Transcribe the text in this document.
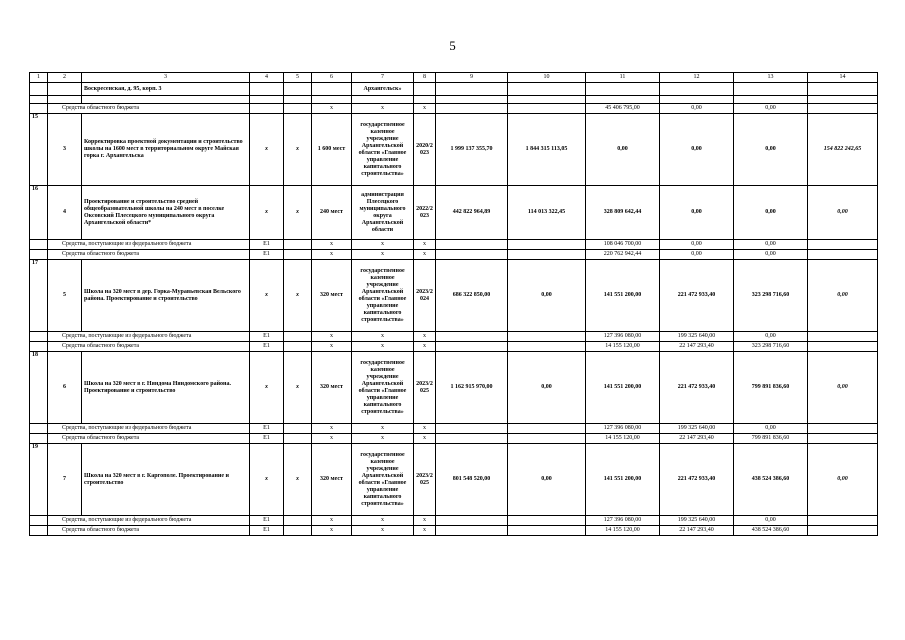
5
1	2	3	4	5	6	7	8	9	10	11	12	13	14
		Воскресенская, д. 95, корп. 3				Архангельск»							

	Средства областного бюджета				x	x	x			45 406 795,00	0,00	0,00	
15	3	Корректировка проектной документации и строительство школы на 1600 мест в территориальном округе Майская горка г. Архангельска	x	x	1 600 мест	государственное казенное учреждение Архангельской области «Главное управление капитального строительства»	2020/2 023	1 999 137 355,70	1 844 315 113,05	0,00	0,00	0,00	154 822 242,65
16	4	Проектирование и строительство средней общеобразовательной школы на 240 мест в поселке Оксовский Плесецкого муниципального округа Архангельской области*	x	x	240 мест	администрация Плесецкого муниципального округа Архангельской области	2022/2 023	442 822 964,89	114 013 322,45	328 809 642,44	0,00	0,00	0,00
	Средства, поступающие из федерального бюджета		Е1		x	x	x			108 046 700,00	0,00	0,00	
	Средства областного бюджета		Е1		x	x	x			220 762 942,44	0,00	0,00	
17	5	Школа на 320 мест в дер. Горка-Муравьевская Вельского района. Проектирование и строительство	x	x	320 мест	государственное казенное учреждение Архангельской области «Главное управление капитального строительства»	2023/2 024	686 322 850,00	0,00	141 551 200,00	221 472 933,40	323 298 716,60	0,00
	Средства, поступающие из федерального бюджета		Е1		x	x	x			127 396 080,00	199 325 640,00	0,00	
	Средства областного бюджета		Е1		x	x	x			14 155 120,00	22 147 293,40	323 298 716,60	
18	6	Школа на 320 мест в г. Няндома Няндомского района. Проектирование и строительство	x	x	320 мест	государственное казенное учреждение Архангельской области «Главное управление капитального строительства»	2023/2 025	1 162 915 970,00	0,00	141 551 200,00	221 472 933,40	799 891 836,60	0,00
	Средства, поступающие из федерального бюджета		Е1		x	x	x			127 396 080,00	199 325 640,00	0,00	
	Средства областного бюджета		Е1		x	x	x			14 155 120,00	22 147 293,40	799 891 836,60	
19	7	Школа на 320 мест в г. Каргополе. Проектирование и строительство	x	x	320 мест	государственное казенное учреждение Архангельской области «Главное управление капитального строительства»	2023/2 025	801 548 520,00	0,00	141 551 200,00	221 472 933,40	438 524 386,60	0,00
	Средства, поступающие из федерального бюджета		Е1		x	x	x			127 396 080,00	199 325 640,00	0,00	
	Средства областного бюджета		Е1		x	x	x			14 155 120,00	22 147 293,40	438 524 386,60	
